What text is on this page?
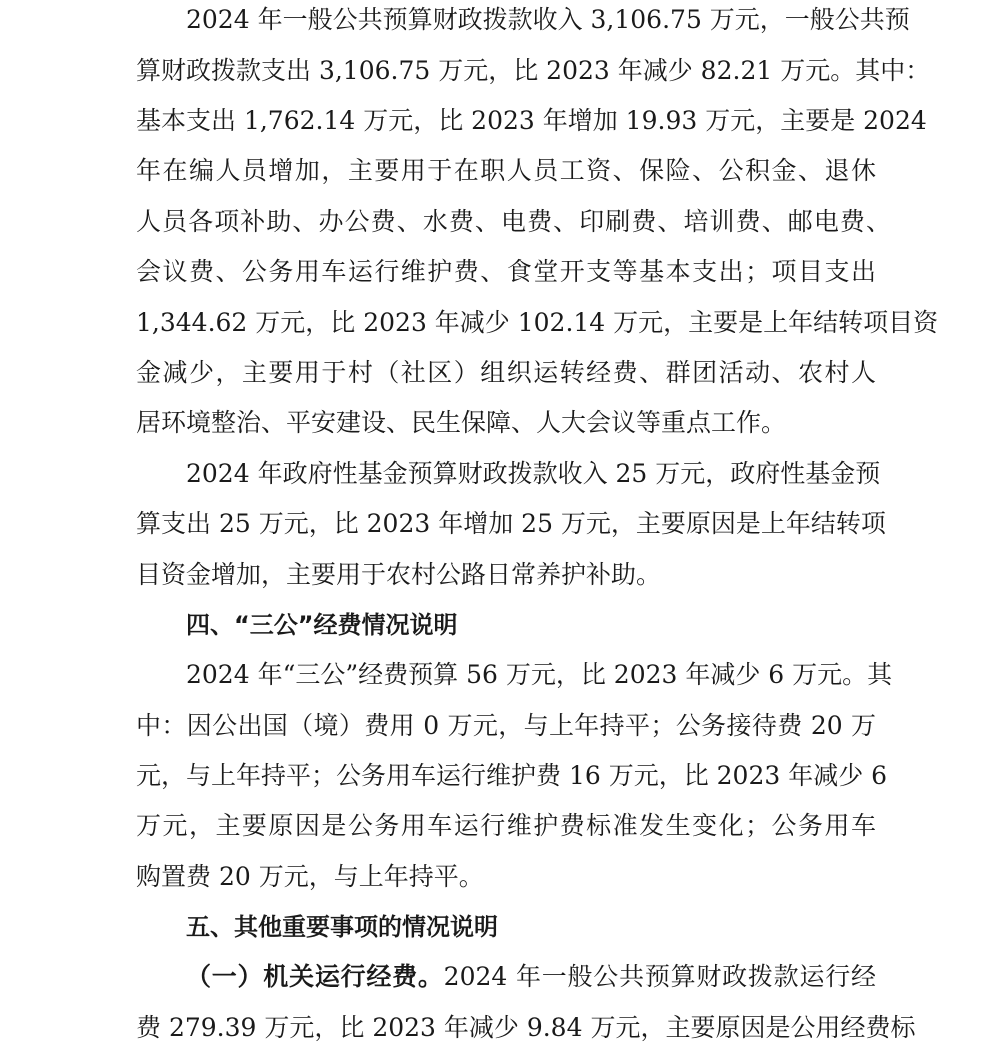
2024 年一般公共预算财政拨款收入 3,106.75 万元，一般公共预

算财政拨款支出 3,106.75 万元，比 2023 年减少 82.21 万元。其中：

基本支出 1,762.14 万元，比 2023 年增加 19.93 万元，主要是 2024

年在编人员增加，主要用于在职人员工资、保险、公积金、退休

人员各项补助、办公费、水费、电费、印刷费、培训费、邮电费、

会议费、公务用车运行维护费、食堂开支等基本支出；项目支出

1,344.62 万元，比 2023 年减少 102.14 万元，主要是上年结转项目资

金减少，主要用于村（社区）组织运转经费、群团活动、农村人

居环境整治、平安建设、民生保障、人大会议等重点工作。

2024 年政府性基金预算财政拨款收入 25 万元，政府性基金预

算支出 25 万元，比 2023 年增加 25 万元，主要原因是上年结转项

目资金增加，主要用于农村公路日常养护补助。

四、“三公”经费情况说明

2024 年“三公”经费预算 56 万元，比 2023 年减少 6 万元。其

中：因公出国（境）费用 0 万元，与上年持平；公务接待费 20 万

元，与上年持平；公务用车运行维护费 16 万元，比 2023 年减少 6

万元，主要原因是公务用车运行维护费标准发生变化；公务用车

购置费 20 万元，与上年持平。

五、其他重要事项的情况说明

（一）机关运行经费。2024 年一般公共预算财政拨款运行经

费 279.39 万元，比 2023 年减少 9.84 万元，主要原因是公用经费标
